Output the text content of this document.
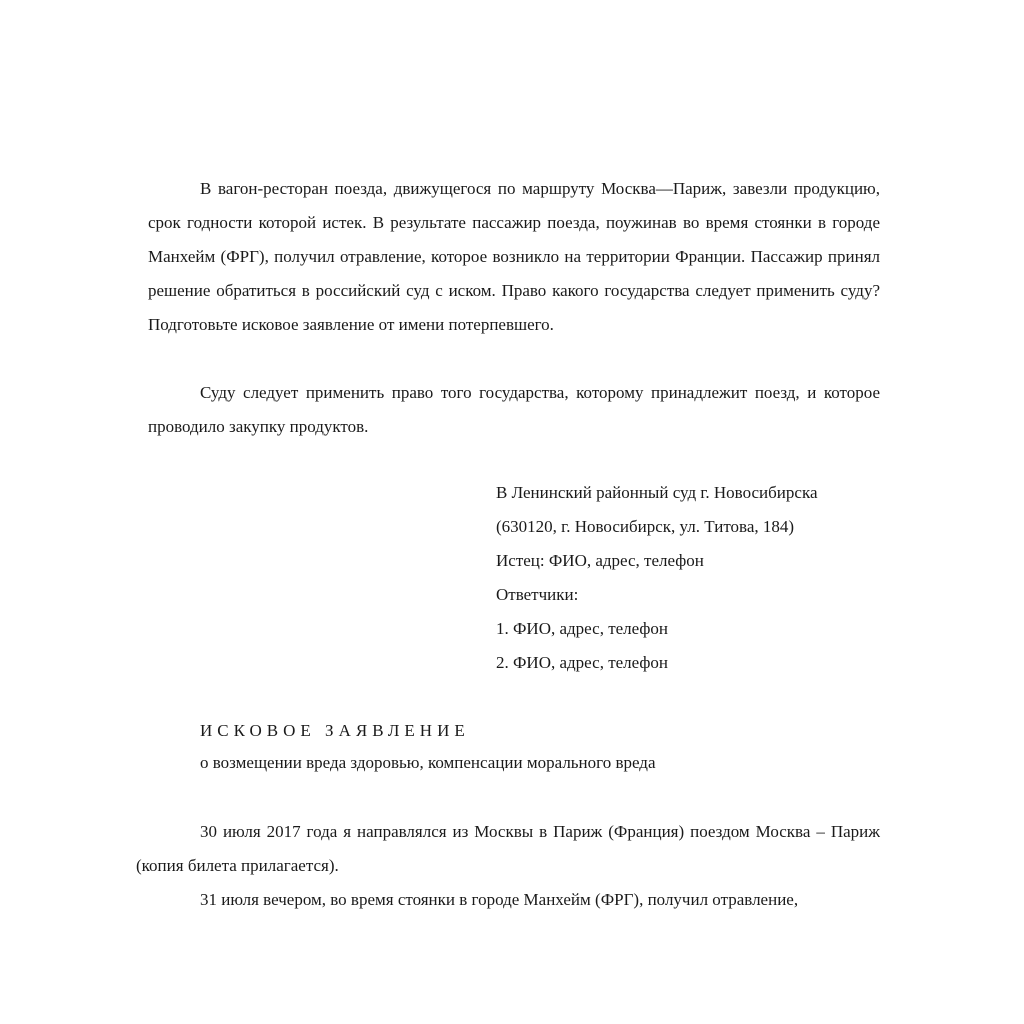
В вагон-ресторан поезда, движущегося по маршруту Москва—Париж, завезли продукцию, срок годности которой истек. В результате пассажир поезда, поужинав во время стоянки в городе Манхейм (ФРГ), получил отравление, которое возникло на территории Франции. Пассажир принял решение обратиться в российский суд с иском. Право какого государства следует применить суду? Подготовьте исковое заявление от имени потерпевшего.

Суду следует применить право того государства, которому принадлежит поезд, и которое проводило закупку продуктов.

В Ленинский районный суд г. Новосибирска
(630120, г. Новосибирск, ул. Титова, 184)
Истец: ФИО, адрес, телефон
Ответчики:
1. ФИО, адрес, телефон
2. ФИО, адрес, телефон
ИСКОВОЕ ЗАЯВЛЕНИЕ
о возмещении вреда здоровью, компенсации морального вреда

30 июля 2017 года я направлялся из Москвы в Париж (Франция) поездом Москва – Париж (копия билета прилагается).

31 июля вечером, во время стоянки в городе Манхейм (ФРГ), получил отравление,
